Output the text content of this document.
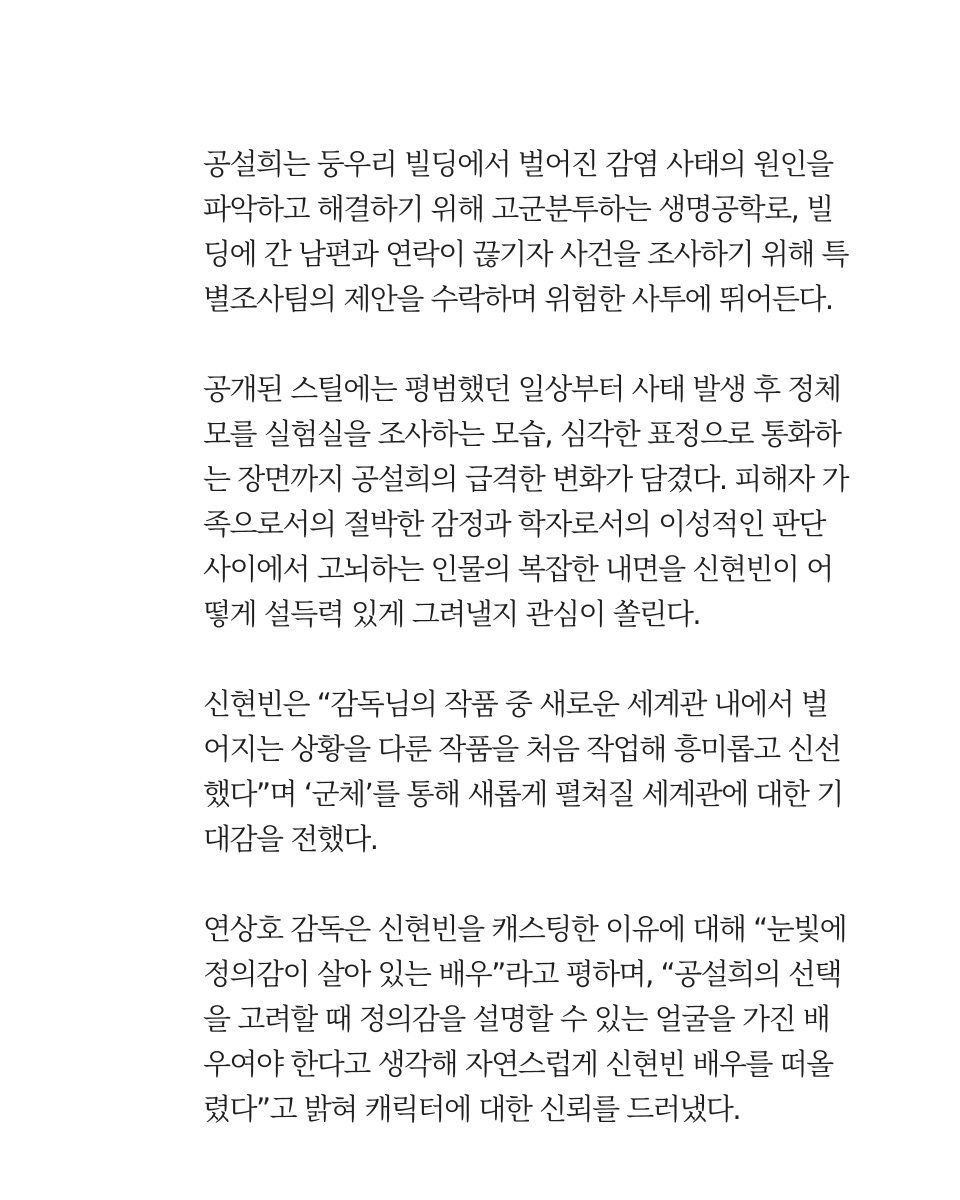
공설희는 둥우리 빌딩에서 벌어진 감염 사태의 원인을
파악하고 해결하기 위해 고군분투하는 생명공학로, 빌
딩에 간 남편과 연락이 끊기자 사건을 조사하기 위해 특
별조사팀의 제안을 수락하며 위험한 사투에 뛰어든다.

공개된 스틸에는 평범했던 일상부터 사태 발생 후 정체
모를 실험실을 조사하는 모습, 심각한 표정으로 통화하
는 장면까지 공설희의 급격한 변화가 담겼다. 피해자 가
족으로서의 절박한 감정과 학자로서의 이성적인 판단
사이에서 고뇌하는 인물의 복잡한 내면을 신현빈이 어
떻게 설득력 있게 그려낼지 관심이 쏠린다.

신현빈은 “감독님의 작품 중 새로운 세계관 내에서 벌
어지는 상황을 다룬 작품을 처음 작업해 흥미롭고 신선
했다”며 ‘군체’를 통해 새롭게 펼쳐질 세계관에 대한 기
대감을 전했다.

연상호 감독은 신현빈을 캐스팅한 이유에 대해 “눈빛에
정의감이 살아 있는 배우”라고 평하며, “공설희의 선택
을 고려할 때 정의감을 설명할 수 있는 얼굴을 가진 배
우여야 한다고 생각해 자연스럽게 신현빈 배우를 떠올
렸다”고 밝혀 캐릭터에 대한 신뢰를 드러냈다.
